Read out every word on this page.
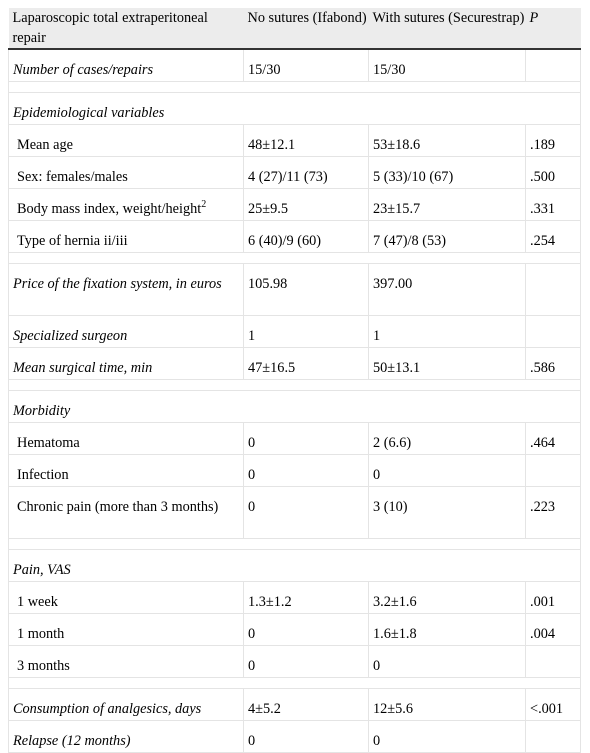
Laparoscopic total extraperitoneal repair	No sutures (Ifabond)	With sutures (Securestrap)	P
Number of cases/repairs	15/30	15/30	

Epidemiological variables			
Mean age	48±12.1	53±18.6	.189
Sex: females/males	4 (27)/11 (73)	5 (33)/10 (67)	.500
Body mass index, weight/height$^2$	25±9.5	23±15.7	.331
Type of hernia ii/iii	6 (40)/9 (60)	7 (47)/8 (53)	.254

Price of the fixation system, in euros	105.98	397.00	
Specialized surgeon	1	1	
Mean surgical time, min	47±16.5	50±13.1	.586

Morbidity			
Hematoma	0	2 (6.6)	.464
Infection	0	0	
Chronic pain (more than 3 months)	0	3 (10)	.223

Pain, VAS			
1 week	1.3±1.2	3.2±1.6	.001
1 month	0	1.6±1.8	.004
3 months	0	0	

Consumption of analgesics, days	4±5.2	12±5.6	<.001
Relapse (12 months)	0	0	
